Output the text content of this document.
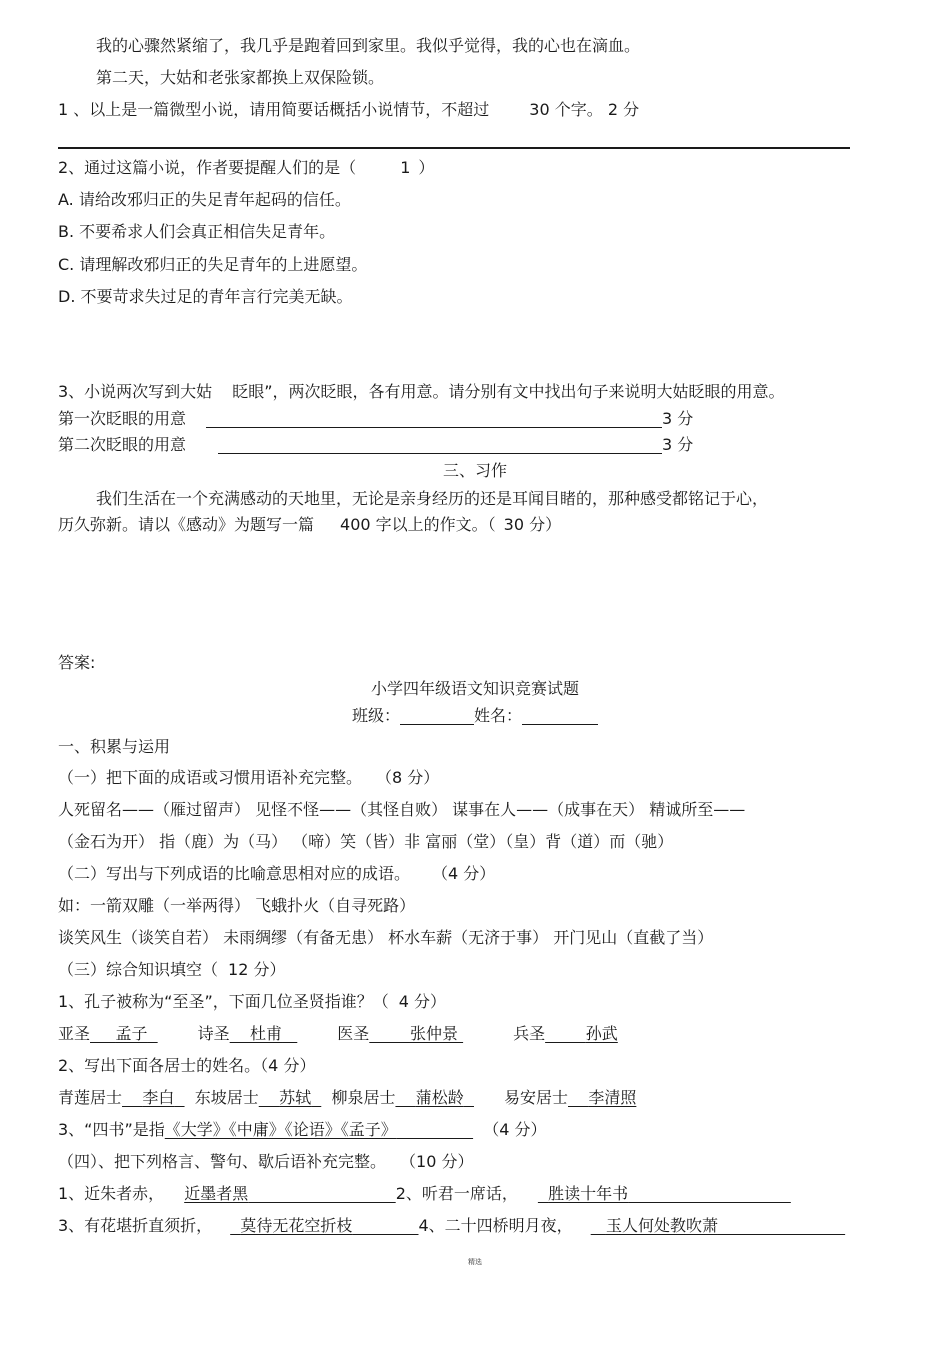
我的心骤然紧缩了，我几乎是跑着回到家里。我似乎觉得，我的心也在滴血。
第二天，大姑和老张家都换上双保险锁。
1 、以上是一篇微型小说，请用简要话概括小说情节，不超过	30 个字。 2 分
2、通过这篇小说，作者要提醒人们的是（	1 ）
A. 请给改邪归正的失足青年起码的信任。
B. 不要希求人们会真正相信失足青年。
C. 请理解改邪归正的失足青年的上进愿望。
D. 不要苛求失过足的青年言行完美无缺。
3、小说两次写到大姑 眨眼”，两次眨眼，各有用意。请分别有文中找出句子来说明大姑眨眼的用意。
第一次眨眼的用意	3 分
第二次眨眼的用意	3 分
三、习作
我们生活在一个充满感动的天地里，无论是亲身经历的还是耳闻目睹的，那种感受都铭记于心，
历久弥新。请以《感动》为题写一篇 400 字以上的作文。（ 30 分）
答案:
小学四年级语文知识竞赛试题
班级：	姓名：
一、积累与运用
（一）把下面的成语或习惯用语补充完整。 （8 分）
人死留名——（雁过留声） 见怪不怪——（其怪自败） 谋事在人——（成事在天） 精诚所至——
（金石为开） 指（鹿）为（马） （啼）笑（皆）非 富丽（堂）（皇）背（道）而（驰）
（二）写出与下列成语的比喻意思相对应的成语。 （4 分）
如：一箭双雕（一举两得） 飞蛾扑火（自寻死路）
谈笑风生（谈笑自若） 未雨绸缪（有备无患） 杯水车薪（无济于事） 开门见山（直截了当）
（三）综合知识填空（ 12 分）
1、孔子被称为“至圣”，下面几位圣贤指谁？（ 4 分）
亚圣 孟子	诗圣 杜甫	医圣	张仲景	兵圣	孙武
2、写出下面各居士的姓名。（4 分）
青莲居士 李白 东坡居士 苏轼 柳泉居士 蒲松龄	易安居士 李清照
3、“四书”是指《大学》《中庸》《论语》《孟子》	（4 分）
（四）、把下列格言、警句、歇后语补充完整。 （10 分）
1、近朱者赤， 近墨者黑	2、听君一席话， 胜读十年书
3、有花堪折直须折， 莫待无花空折枝	4、二十四桥明月夜， 玉人何处教吹萧
精选
